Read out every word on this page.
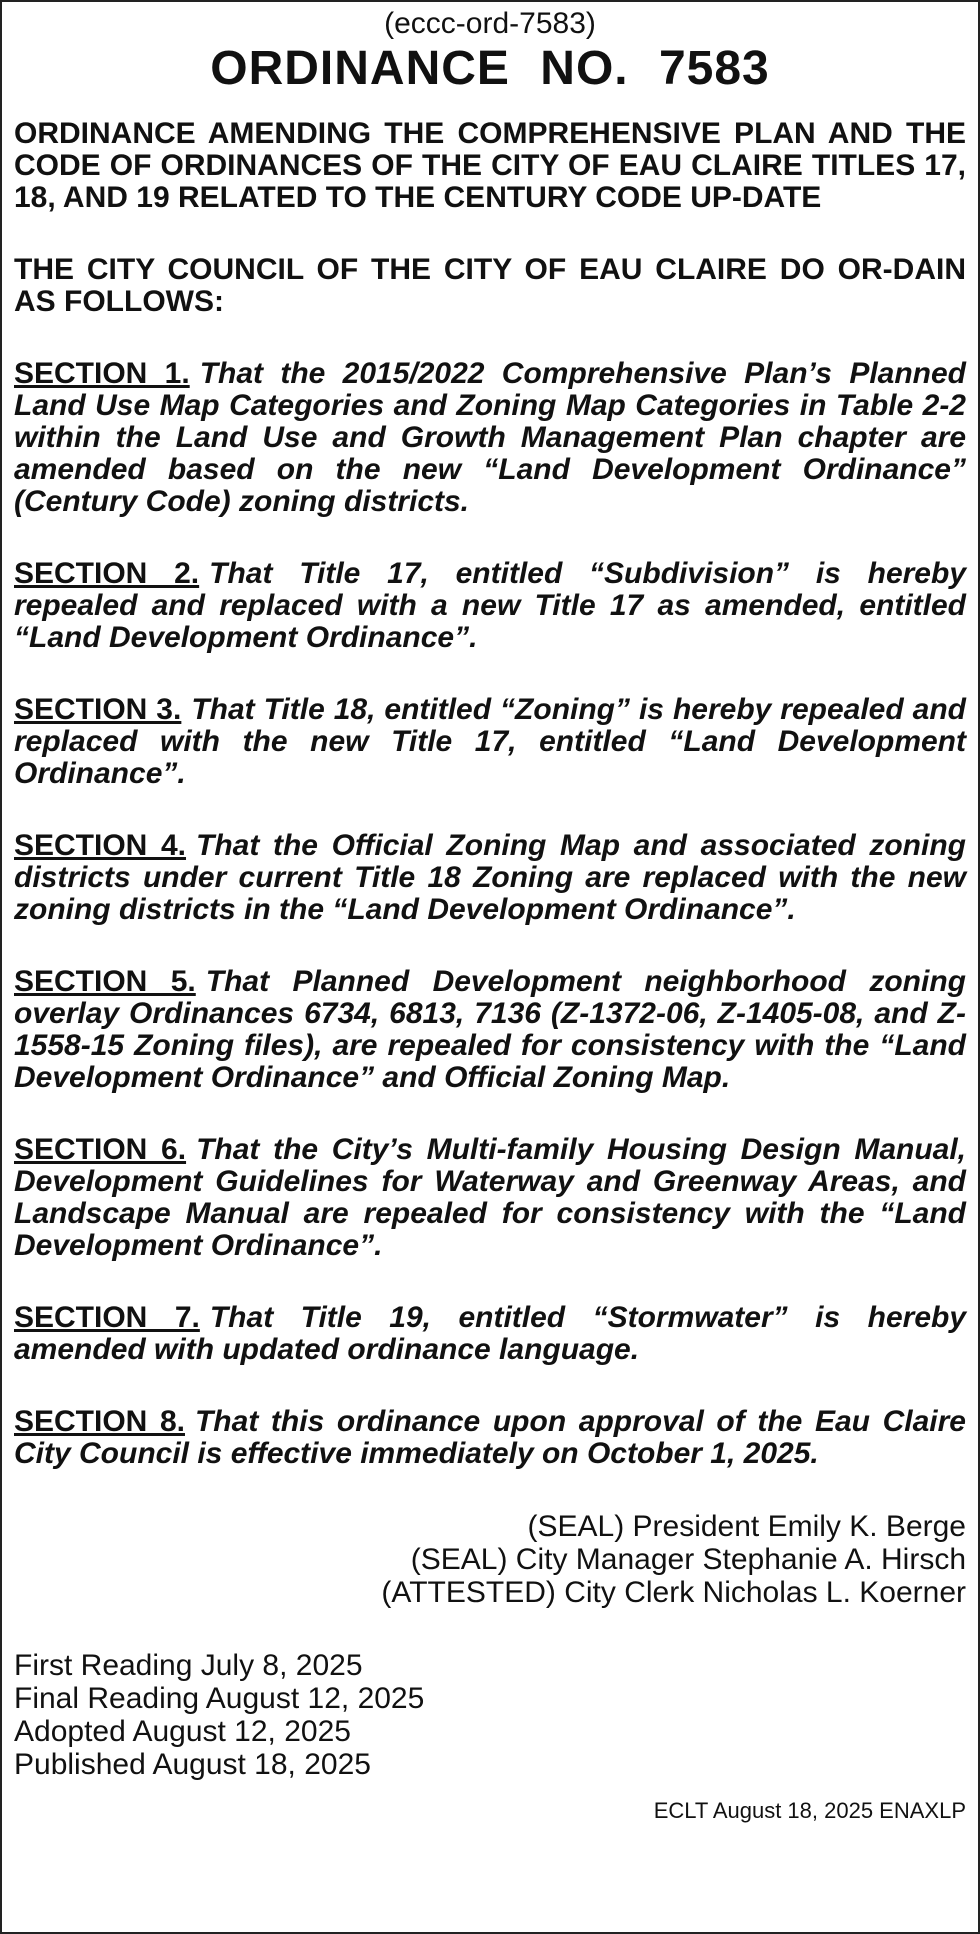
(eccc-ord-7583)

ORDINANCE NO. 7583

ORDINANCE AMENDING THE COMPREHENSIVE PLAN AND THE CODE OF ORDINANCES OF THE CITY OF EAU CLAIRE TITLES 17, 18, AND 19 RELATED TO THE CENTURY CODE UP-DATE

THE CITY COUNCIL OF THE CITY OF EAU CLAIRE DO OR-DAIN AS FOLLOWS:

SECTION 1. That the 2015/2022 Comprehensive Plan’s Planned Land Use Map Categories and Zoning Map Categories in Table 2-2 within the Land Use and Growth Management Plan chapter are amended based on the new “Land Development Ordinance” (Century Code) zoning districts.

SECTION 2. That Title 17, entitled “Subdivision” is hereby repealed and replaced with a new Title 17 as amended, entitled “Land Development Ordinance”.

SECTION 3. That Title 18, entitled “Zoning” is hereby repealed and replaced with the new Title 17, entitled “Land Development Ordinance”.

SECTION 4. That the Official Zoning Map and associated zoning districts under current Title 18 Zoning are replaced with the new zoning districts in the “Land Development Ordinance”.

SECTION 5. That Planned Development neighborhood zoning overlay Ordinances 6734, 6813, 7136 (Z-1372-06, Z-1405-08, and Z-1558-15 Zoning files), are repealed for consistency with the “Land Development Ordinance” and Official Zoning Map.

SECTION 6. That the City’s Multi-family Housing Design Manual, Development Guidelines for Waterway and Greenway Areas, and Landscape Manual are repealed for consistency with the “Land Development Ordinance”.

SECTION 7. That Title 19, entitled “Stormwater” is hereby amended with updated ordinance language.

SECTION 8. That this ordinance upon approval of the Eau Claire City Council is effective immediately on October 1, 2025.

(SEAL) President Emily K. Berge
(SEAL) City Manager Stephanie A. Hirsch
(ATTESTED) City Clerk Nicholas L. Koerner
First Reading July 8, 2025
Final Reading August 12, 2025
Adopted August 12, 2025
Published August 18, 2025

ECLT August 18, 2025 ENAXLP
